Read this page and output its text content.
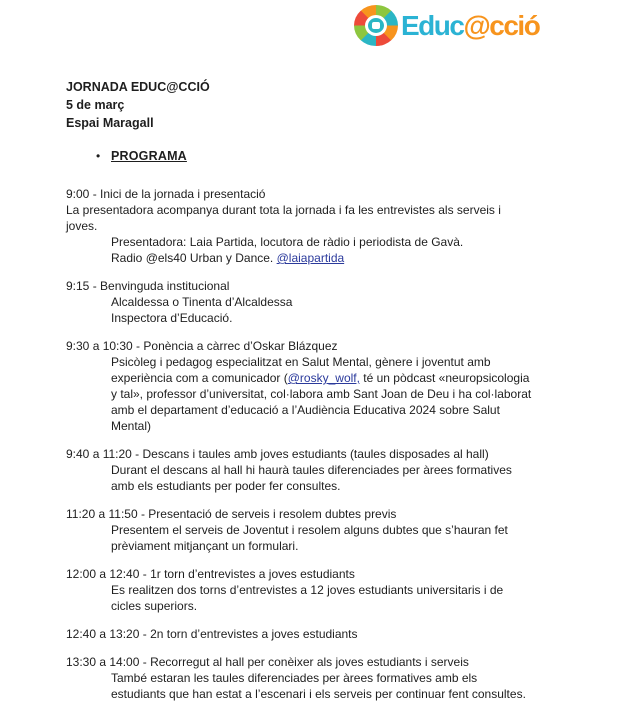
Educ@cció
JORNADA EDUC@CCIÓ
5 de març
Espai Maragall
• PROGRAMA
9:00 - Inici de la jornada i presentació
La presentadora acompanya durant tota la jornada i fa les entrevistes als serveis i
joves.
Presentadora: Laia Partida, locutora de ràdio i periodista de Gavà.
Radio @els40 Urban y Dance. @laiapartida
9:15 - Benvinguda institucional
Alcaldessa o Tinenta d’Alcaldessa
Inspectora d’Educació.
9:30 a 10:30 - Ponència a càrrec d’Oskar Blázquez
Psicòleg i pedagog especialitzat en Salut Mental, gènere i joventut amb
experiència com a comunicador (@rosky_wolf, té un pòdcast «neuropsicologia
y tal», professor d’universitat, col·labora amb Sant Joan de Deu i ha col·laborat
amb el departament d’educació a l’Audiència Educativa 2024 sobre Salut
Mental)
9:40 a 11:20 - Descans i taules amb joves estudiants (taules disposades al hall)
Durant el descans al hall hi haurà taules diferenciades per àrees formatives
amb els estudiants per poder fer consultes.
11:20 a 11:50 - Presentació de serveis i resolem dubtes previs
Presentem el serveis de Joventut i resolem alguns dubtes que s’hauran fet
prèviament mitjançant un formulari.
12:00 a 12:40 - 1r torn d’entrevistes a joves estudiants
Es realitzen dos torns d’entrevistes a 12 joves estudiants universitaris i de
cicles superiors.
12:40 a 13:20 - 2n torn d’entrevistes a joves estudiants
13:30 a 14:00 - Recorregut al hall per conèixer als joves estudiants i serveis
També estaran les taules diferenciades per àrees formatives amb els
estudiants que han estat a l’escenari i els serveis per continuar fent consultes.
